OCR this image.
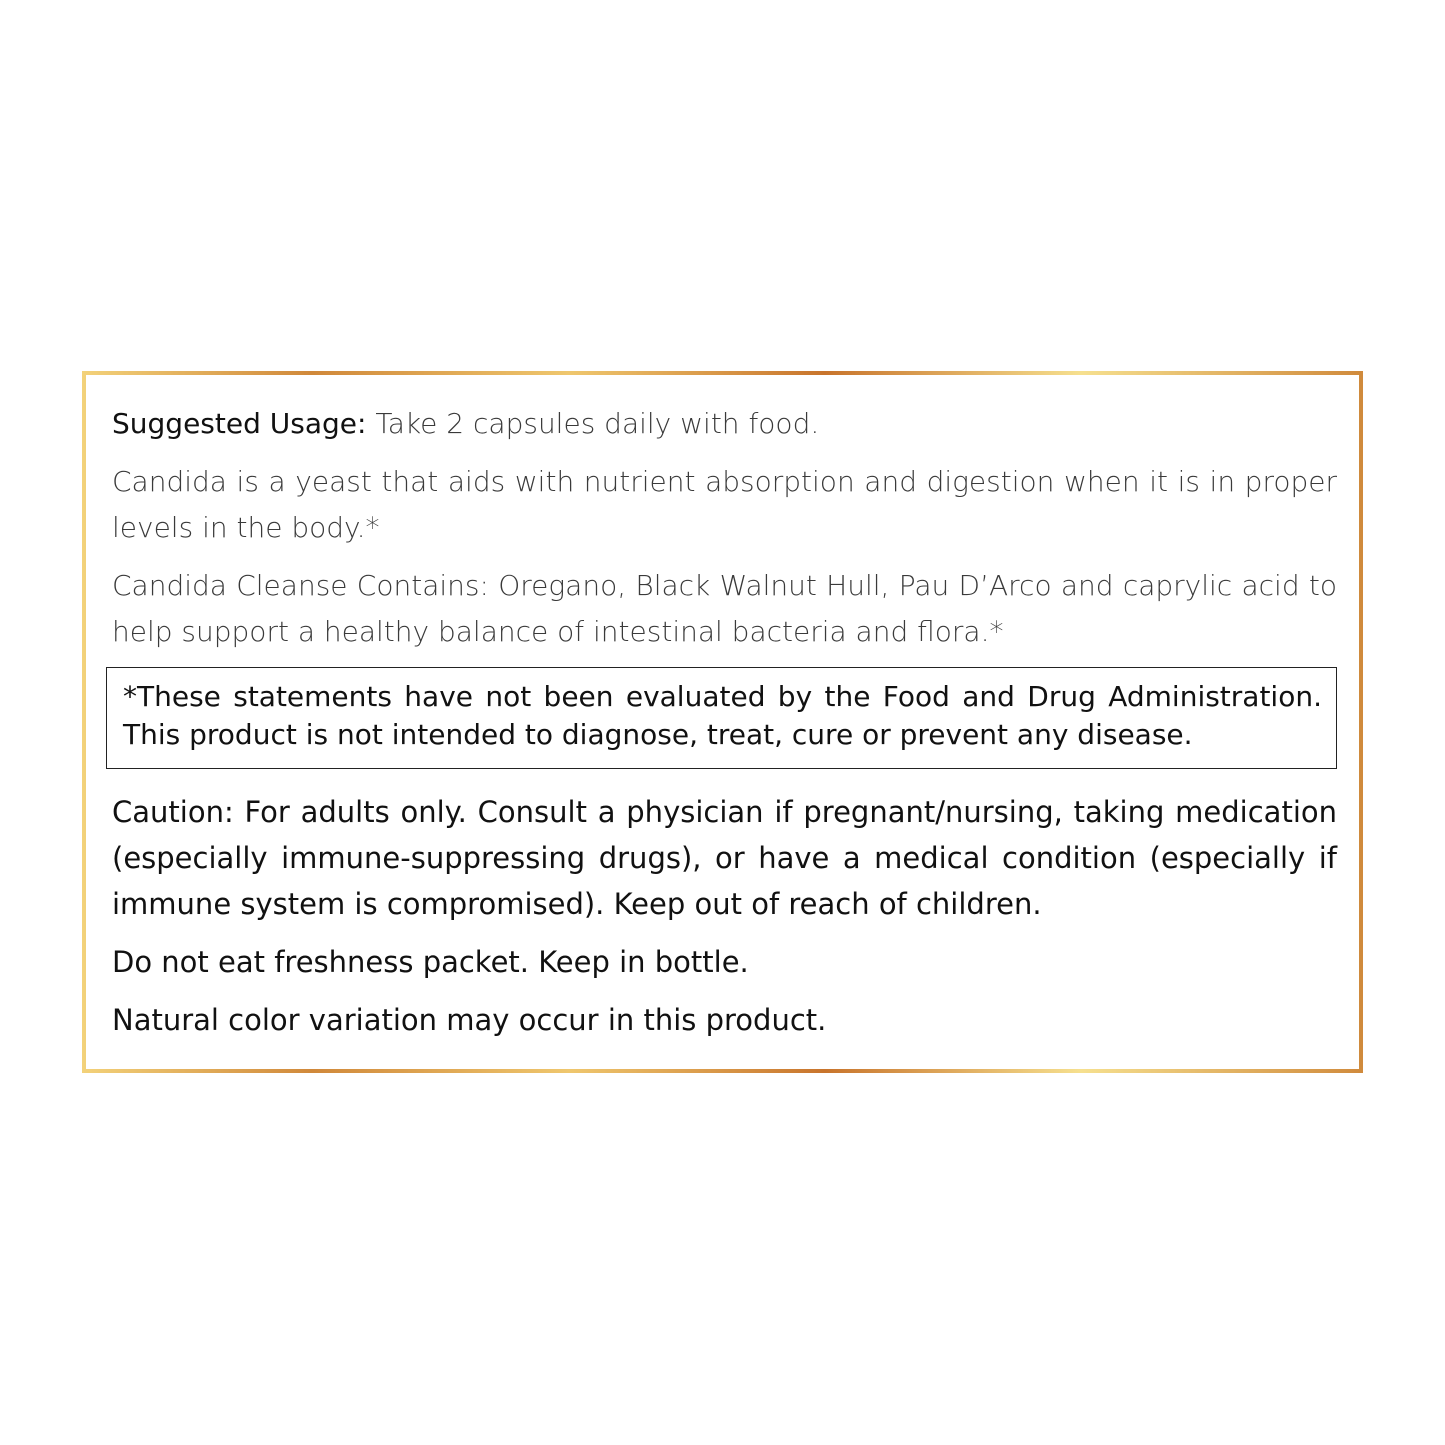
Suggested Usage: Take 2 capsules daily with food.

Candida is a yeast that aids with nutrient absorption and digestion when it is in proper levels in the body.*

Candida Cleanse Contains: Oregano, Black Walnut Hull, Pau D’Arco and caprylic acid to help support a healthy balance of intestinal bacteria and flora.*

*These statements have not been evaluated by the Food and Drug Administration. This product is not intended to diagnose, treat, cure or prevent any disease.

Caution: For adults only. Consult a physician if pregnant/nursing, taking medication (especially immune-suppressing drugs), or have a medical condition (especially if immune system is compromised). Keep out of reach of children.

Do not eat freshness packet. Keep in bottle.

Natural color variation may occur in this product.
